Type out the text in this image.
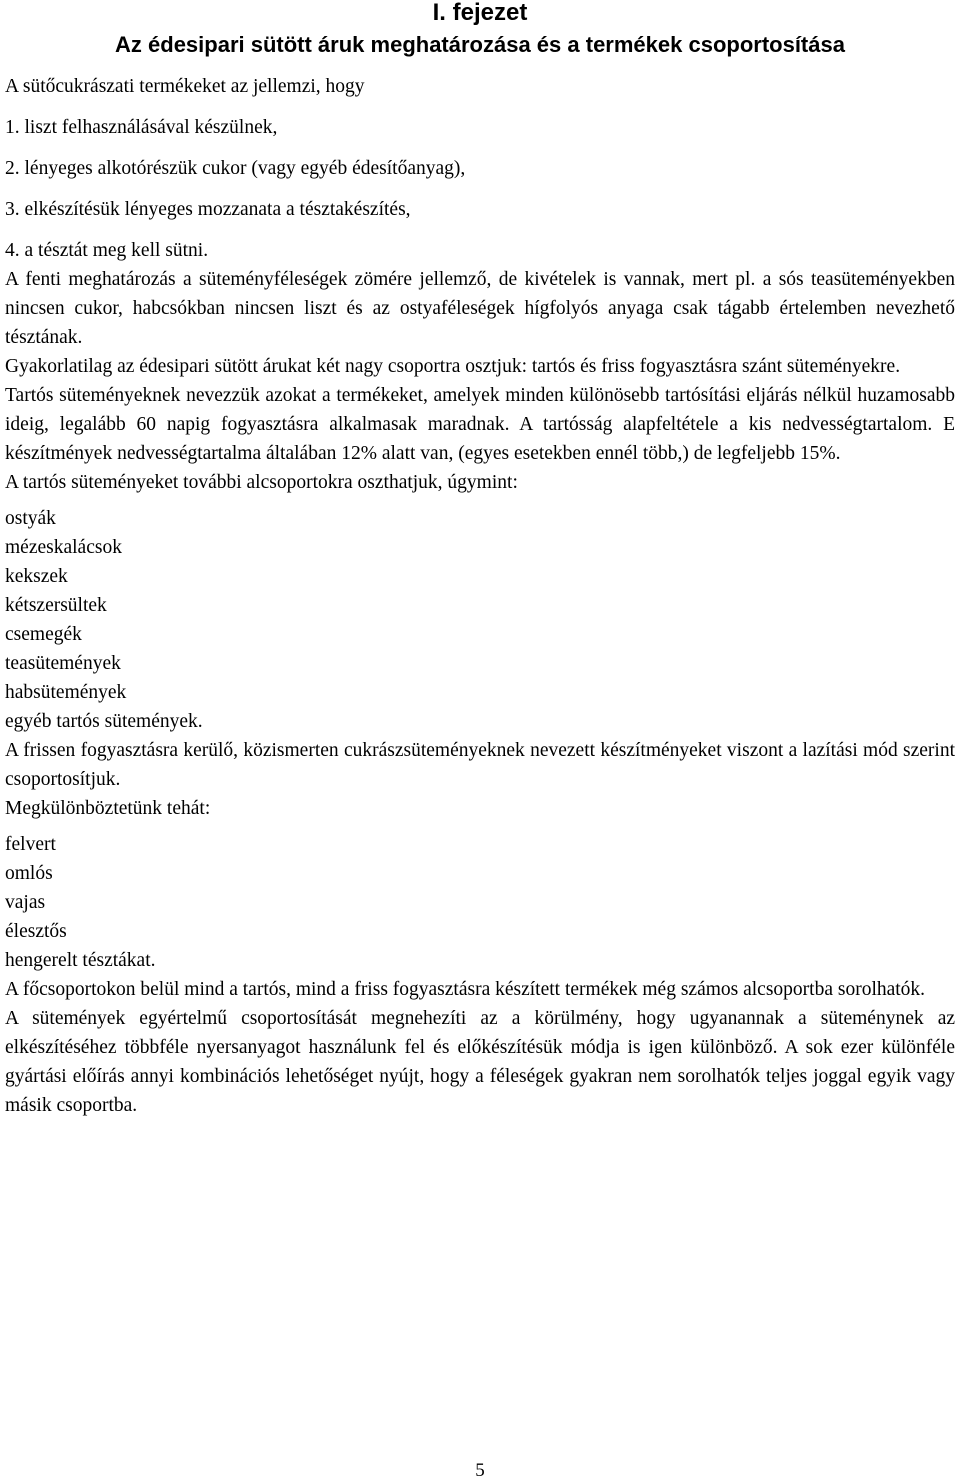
I. fejezet
Az édesipari sütött áruk meghatározása és a termékek csoportosítása

A sütőcukrászati termékeket az jellemzi, hogy

1. liszt felhasználásával készülnek,
2. lényeges alkotórészük cukor (vagy egyéb édesítőanyag),
3. elkészítésük lényeges mozzanata a tésztakészítés,
4. a tésztát meg kell sütni.

A fenti meghatározás a süteményféleségek zömére jellemző, de kivételek is vannak, mert pl. a sós teasüteményekben nincsen cukor, habcsókban nincsen liszt és az ostyaféleségek hígfolyós anyaga csak tágabb értelemben nevezhető tésztának.

Gyakorlatilag az édesipari sütött árukat két nagy csoportra osztjuk: tartós és friss fogyasztásra szánt süteményekre.

Tartós süteményeknek nevezzük azokat a termékeket, amelyek minden különösebb tartósítási eljárás nélkül huzamosabb ideig, legalább 60 napig fogyasztásra alkalmasak maradnak. A tartósság alapfeltétele a kis nedvességtartalom. E készítmények nedvességtartalma általában 12% alatt van, (egyes esetekben ennél több,) de legfeljebb 15%.

A tartós süteményeket további alcsoportokra oszthatjuk, úgymint:

ostyák
mézeskalácsok
kekszek
kétszersültek
csemegék
teasütemények
habsütemények
egyéb tartós sütemények.

A frissen fogyasztásra kerülő, közismerten cukrászsüteményeknek nevezett készítményeket viszont a lazítási mód szerint csoportosítjuk.

Megkülönböztetünk tehát:

felvert
omlós
vajas
élesztős
hengerelt tésztákat.

A főcsoportokon belül mind a tartós, mind a friss fogyasztásra készített termékek még számos alcsoportba sorolhatók.

A sütemények egyértelmű csoportosítását megnehezíti az a körülmény, hogy ugyanannak a süteménynek az elkészítéséhez többféle nyersanyagot használunk fel és előkészítésük módja is igen különböző. A sok ezer különféle gyártási előírás annyi kombinációs lehetőséget nyújt, hogy a féleségek gyakran nem sorolhatók teljes joggal egyik vagy másik csoportba.

5
